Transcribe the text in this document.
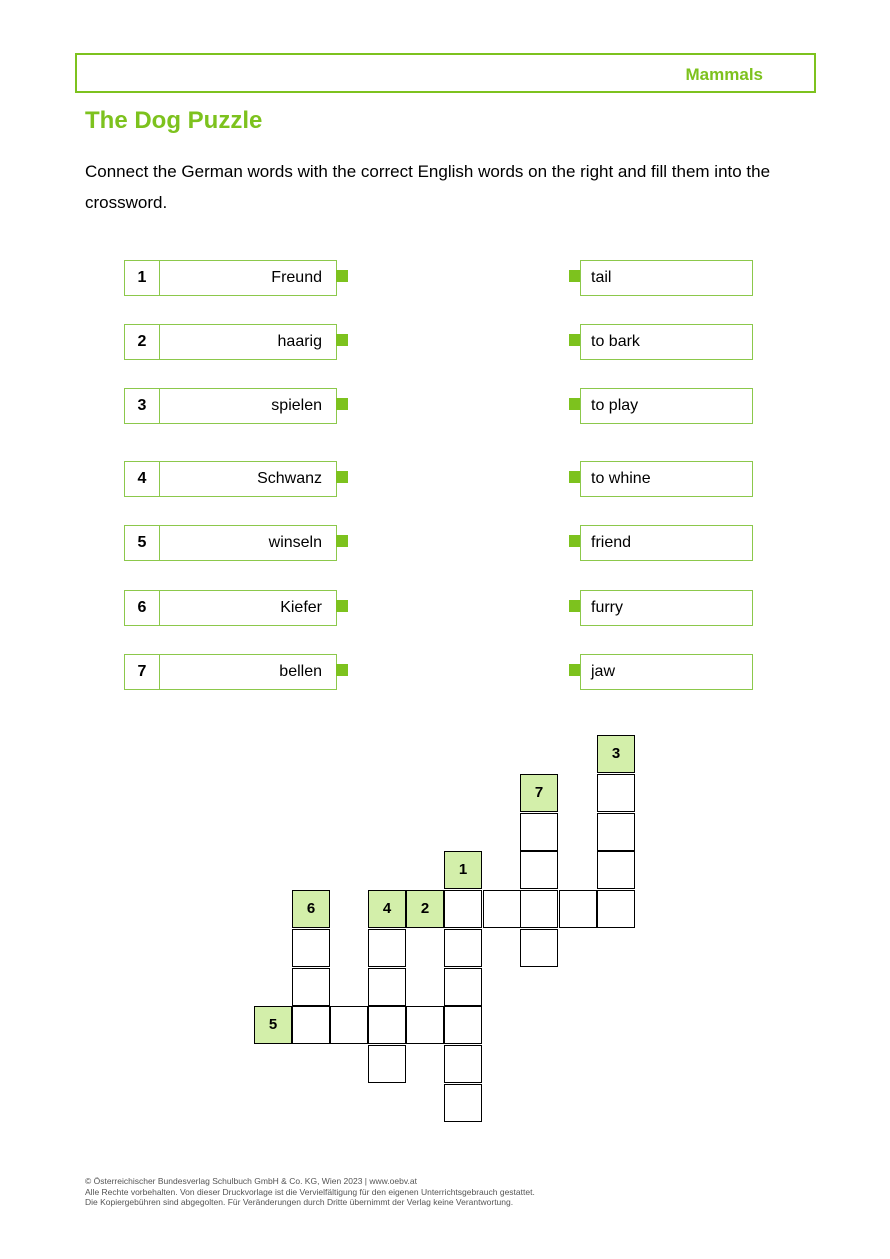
Mammals
The Dog Puzzle

Connect the German words with the correct English words on the right and fill them into the crossword.

1	Freund	tail
2	haarig	to bark
3	spielen	to play
4	Schwanz	to whine
5	winseln	friend
6	Kiefer	furry
7	bellen	jaw
3
7
1
2
4
6
5
© Österreichischer Bundesverlag Schulbuch GmbH & Co. KG, Wien 2023 | www.oebv.at
Alle Rechte vorbehalten. Von dieser Druckvorlage ist die Vervielfältigung für den eigenen Unterrichtsgebrauch gestattet.
Die Kopiergebühren sind abgegolten. Für Veränderungen durch Dritte übernimmt der Verlag keine Verantwortung.
